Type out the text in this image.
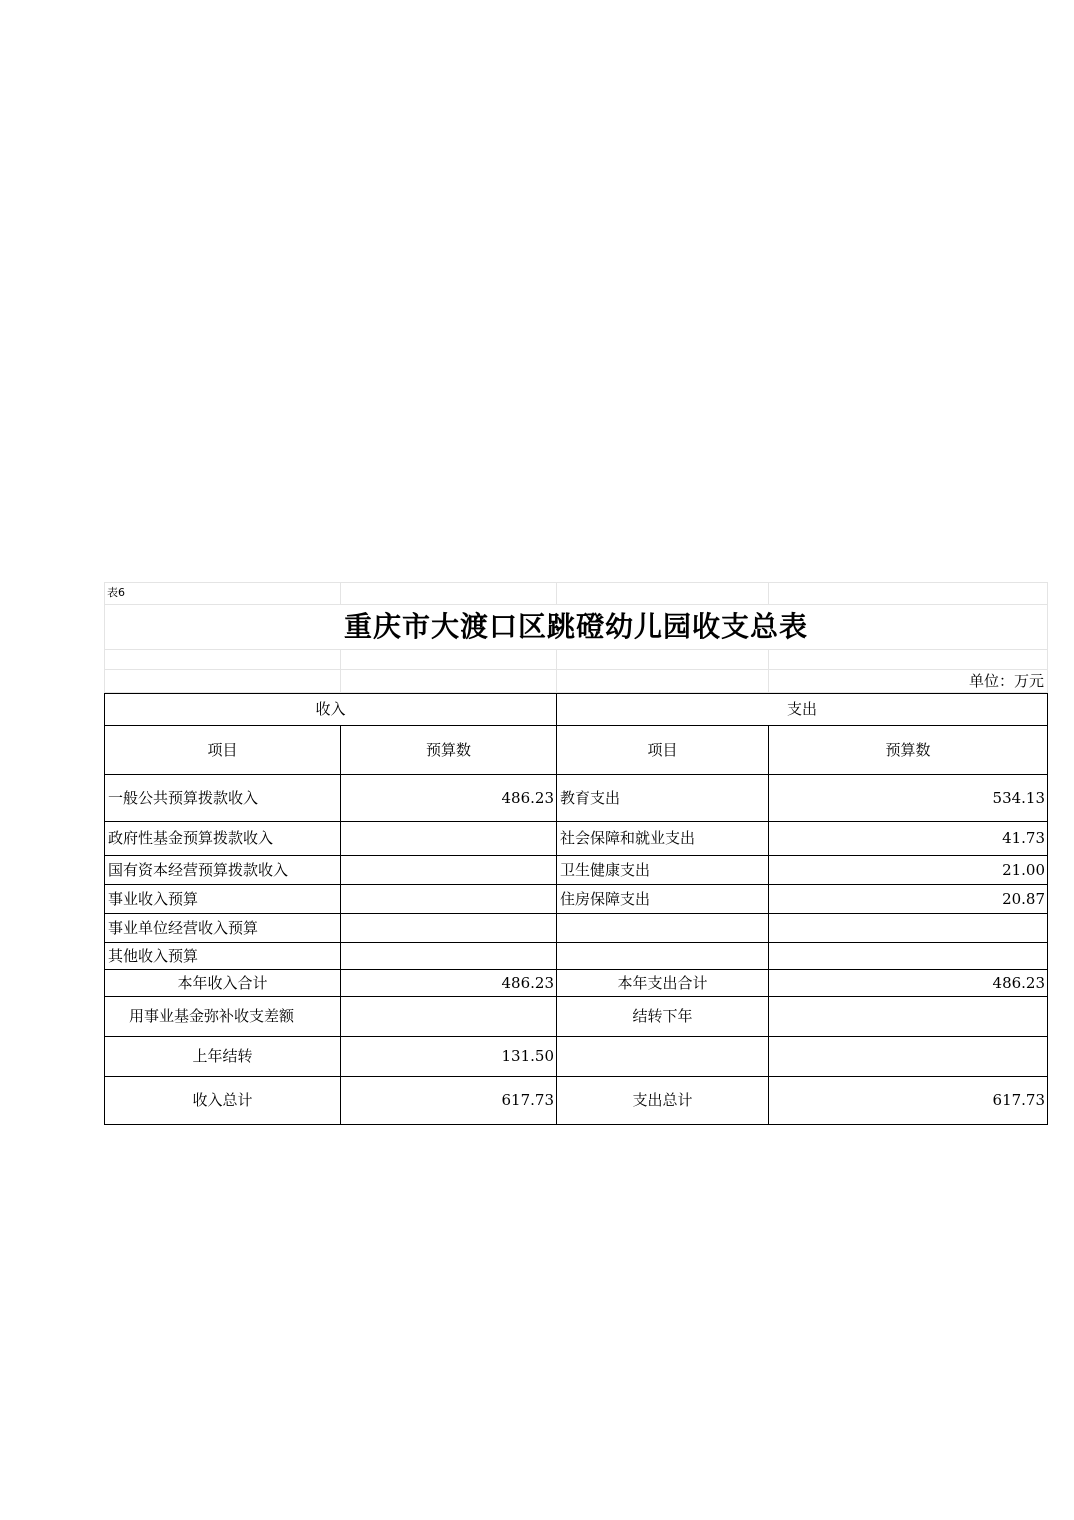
表6			
重庆市大渡口区跳磴幼儿园收支总表			

			单位：万元
收入		支出	
项目	预算数	项目	预算数
一般公共预算拨款收入	486.23	教育支出	534.13
政府性基金预算拨款收入		社会保障和就业支出	41.73
国有资本经营预算拨款收入		卫生健康支出	21.00
事业收入预算		住房保障支出	20.87
事业单位经营收入预算			
其他收入预算			
本年收入合计	486.23	本年支出合计	486.23
用事业基金弥补收支差额		结转下年	
上年结转	131.50		
收入总计	617.73	支出总计	617.73
